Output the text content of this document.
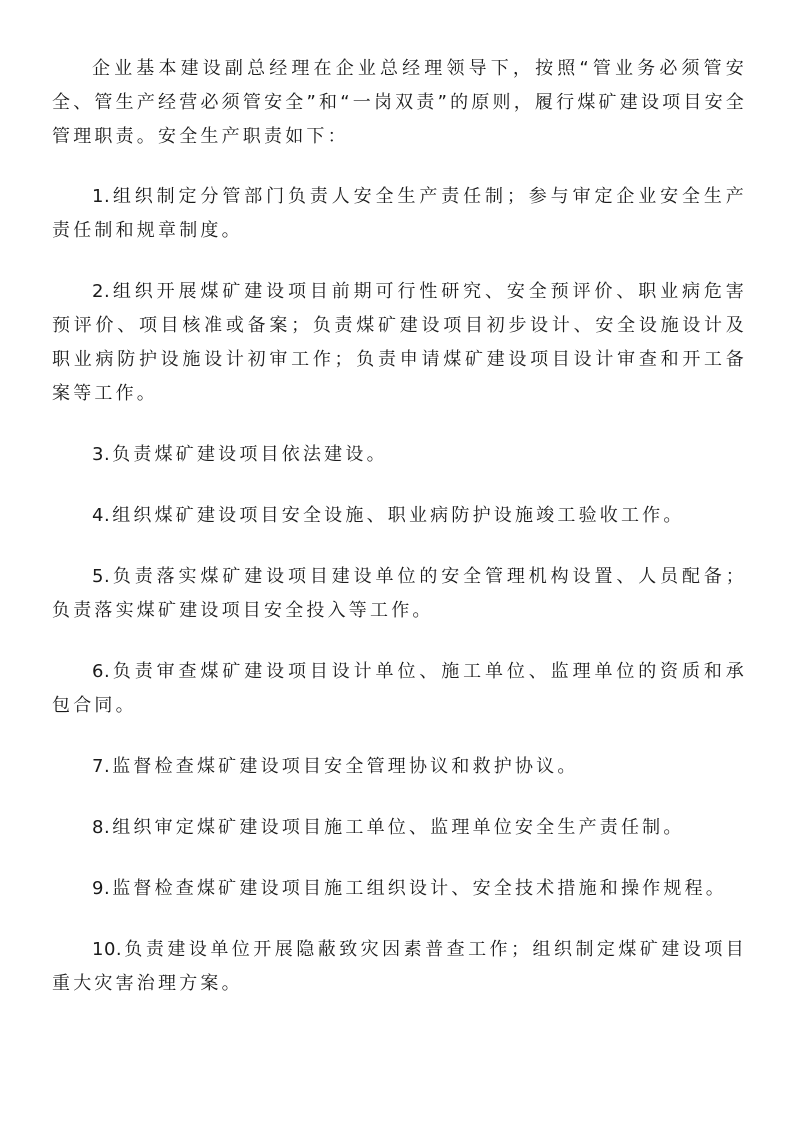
企业基本建设副总经理在企业总经理领导下，按照“管业务必须管安全、管生产经营必须管安全”和“一岗双责”的原则，履行煤矿建设项目安全管理职责。安全生产职责如下：

1. 组织制定分管部门负责人安全生产责任制；参与审定企业安全生产责任制和规章制度。

2. 组织开展煤矿建设项目前期可行性研究、安全预评价、职业病危害预评价、项目核准或备案；负责煤矿建设项目初步设计、安全设施设计及职业病防护设施设计初审工作；负责申请煤矿建设项目设计审查和开工备案等工作。

3. 负责煤矿建设项目依法建设。

4. 组织煤矿建设项目安全设施、职业病防护设施竣工验收工作。

5. 负责落实煤矿建设项目建设单位的安全管理机构设置、人员配备；负责落实煤矿建设项目安全投入等工作。

6. 负责审查煤矿建设项目设计单位、施工单位、监理单位的资质和承包合同。

7. 监督检查煤矿建设项目安全管理协议和救护协议。

8. 组织审定煤矿建设项目施工单位、监理单位安全生产责任制。

9. 监督检查煤矿建设项目施工组织设计、安全技术措施和操作规程。

10. 负责建设单位开展隐蔽致灾因素普查工作；组织制定煤矿建设项目重大灾害治理方案。
